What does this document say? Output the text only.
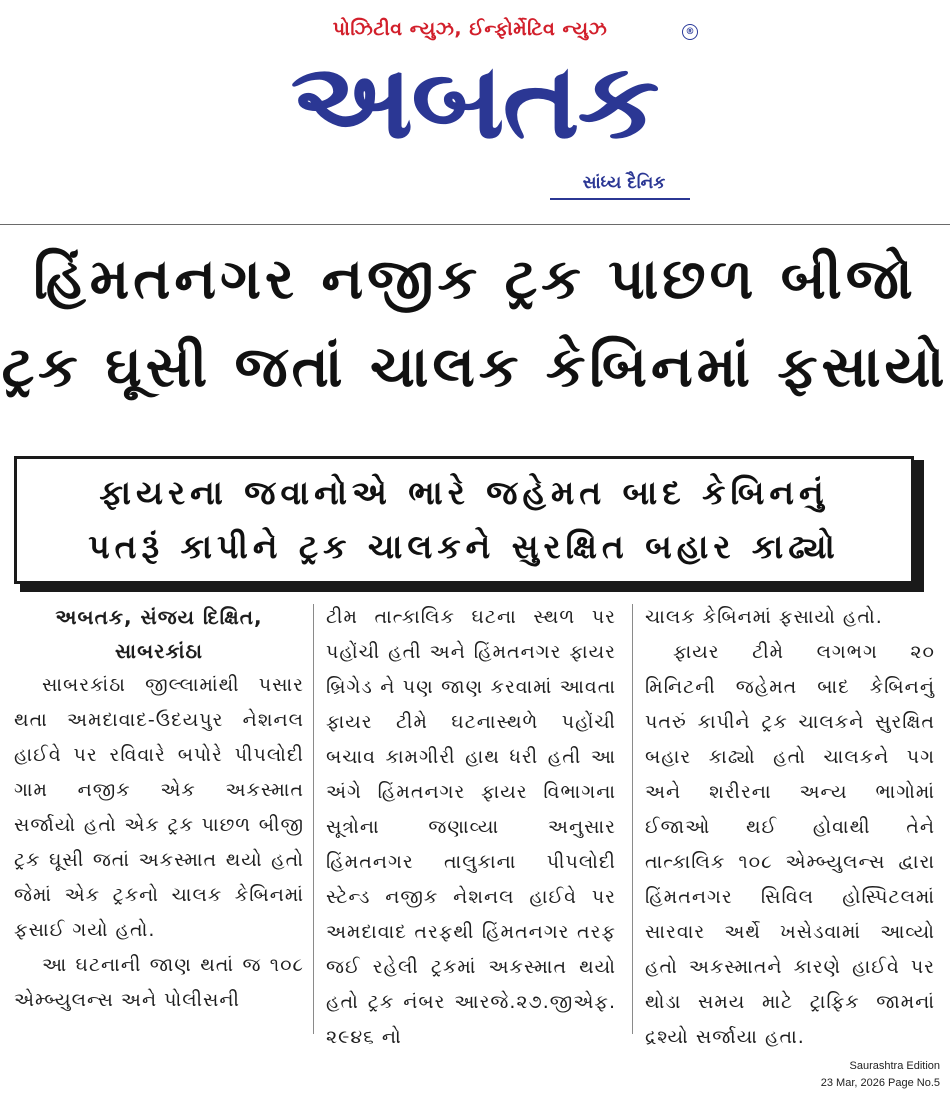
પોઝિટીવ ન્યુઝ, ઈન્ફોર્મેટિવ ન્યુઝ	®
અબતક
સાંધ્ય દૈનિક
હિંમતનગર નજીક ટ્રક પાછળ બીજો
ટ્રક ઘૂસી જતાં ચાલક કેબિનમાં ફસાયો
ફાયરના જવાનોએ ભારે જહેમત બાદ કેબિનનું
પતરૂં કાપીને ટ્રક ચાલકને સુરક્ષિત બહાર કાઢ્યો

અબતક, સંજય દિક્ષિત,

સાબરકાંઠા

સાબરકાંઠા જીલ્લામાંથી પસાર થતા અમદાવાદ-ઉદયપુર નેશનલ હાઈવે પર રવિવારે બપોરે પીપલોદી ગામ નજીક એક અકસ્માત સર્જાયો હતો એક ટ્રક પાછળ બીજી ટ્રક ઘૂસી જતાં અકસ્માત થયો હતો જેમાં એક ટ્રકનો ચાલક કેબિનમાં ફસાઈ ગયો હતો.

આ ઘટનાની જાણ થતાં જ ૧૦૮ એમ્બ્યુલન્સ અને પોલીસની

ટીમ તાત્કાલિક ઘટના સ્થળ પર પહોંચી હતી અને હિંમતનગર ફાયર બ્રિગેડ ને પણ જાણ કરવામાં આવતા ફાયર ટીમે ઘટનાસ્થળે પહોંચી બચાવ કામગીરી હાથ ધરી હતી આ અંગે હિંમતનગર ફાયર વિભાગના સૂત્રોના જણાવ્યા અનુસાર હિંમતનગર તાલુકાના પીપલોદી સ્ટેન્ડ નજીક નેશનલ હાઈવે પર અમદાવાદ તરફથી હિંમતનગર તરફ જઈ રહેલી ટ્રકમાં અકસ્માત થયો હતો ટ્રક નંબર આરજે.૨૭.જીએફ. ૨૯૪૬ નો

ચાલક કેબિનમાં ફસાયો હતો.

ફાયર ટીમે લગભગ ૨૦ મિનિટની જહેમત બાદ કેબિનનું પતરું કાપીને ટ્રક ચાલકને સુરક્ષિત બહાર કાઢ્યો હતો ચાલકને પગ અને શરીરના અન્ય ભાગોમાં ઈજાઓ થઈ હોવાથી તેને તાત્કાલિક ૧૦૮ એમ્બ્યુલન્સ દ્વારા હિંમતનગર સિવિલ હોસ્પિટલમાં સારવાર અર્થે ખસેડવામાં આવ્યો હતો અકસ્માતને કારણે હાઈવે પર થોડા સમય માટે ટ્રાફિક જામનાં દ્રશ્યો સર્જાયા હતા.

Saurashtra Edition
23 Mar, 2026 Page No.5
